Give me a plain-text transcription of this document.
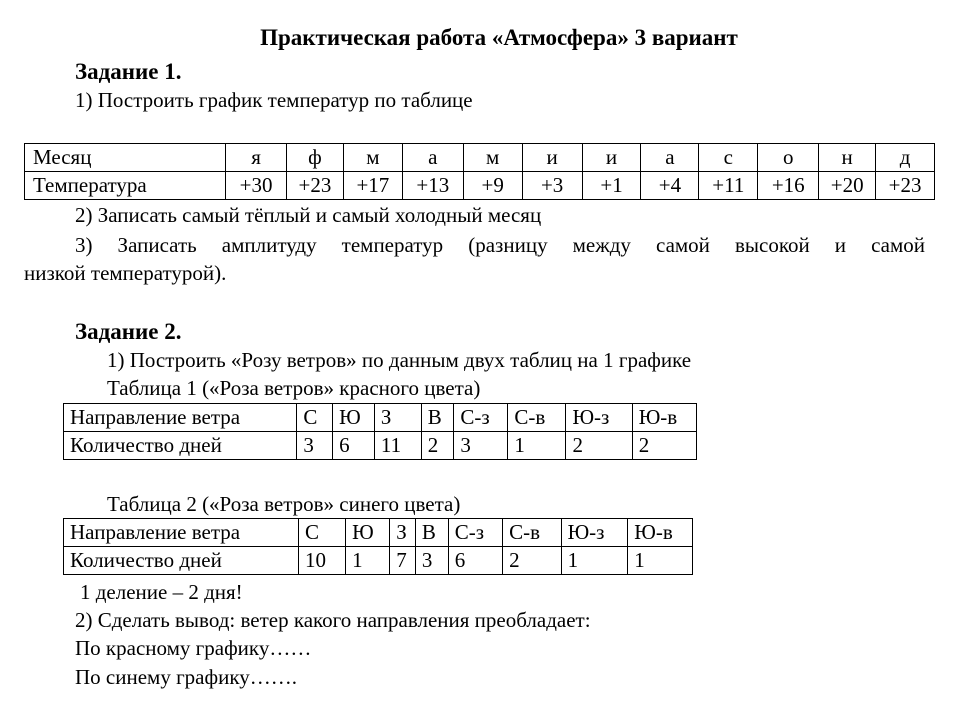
Практическая работа «Атмосфера» 3 вариант
Задание 1.
1) Построить график температур по таблице
Месяц	я	ф	м	а	м	и	и	а	с	о	н	д
Температура	+30	+23	+17	+13	+9	+3	+1	+4	+11	+16	+20	+23
2) Записать самый тёплый и самый холодный месяц
3) Записать амплитуду температур (разницу между самой высокой и самой
низкой температурой).
Задание 2.
1) Построить «Розу ветров» по данным двух таблиц на 1 графике
Таблица 1 («Роза ветров» красного цвета)
Направление ветра	С	Ю	З	В	С-з	С-в	Ю-з	Ю-в
Количество дней	3	6	11	2	3	1	2	2
Таблица 2 («Роза ветров» синего цвета)
Направление ветра	С	Ю	З	В	С-з	С-в	Ю-з	Ю-в
Количество дней	10	1	7	3	6	2	1	1
1 деление – 2 дня!
2) Сделать вывод: ветер какого направления преобладает:
По красному графику……
По синему графику…….
